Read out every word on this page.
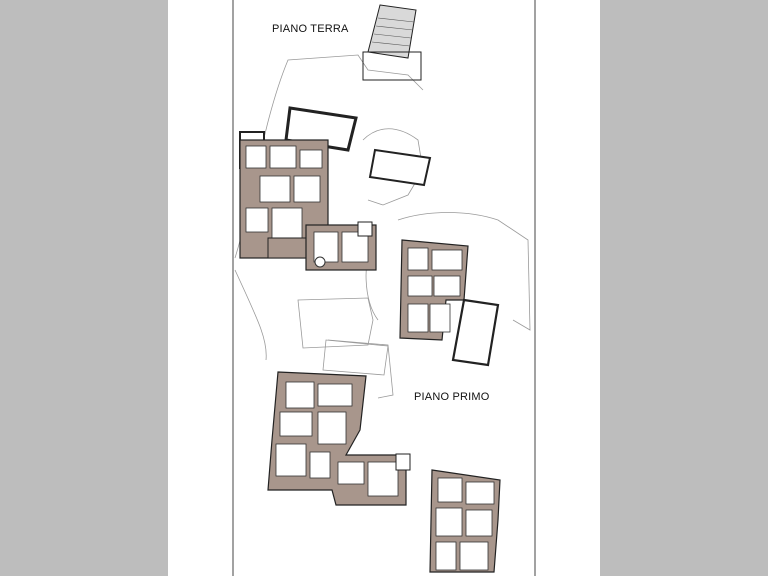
PIANO TERRA
PIANO PRIMO
